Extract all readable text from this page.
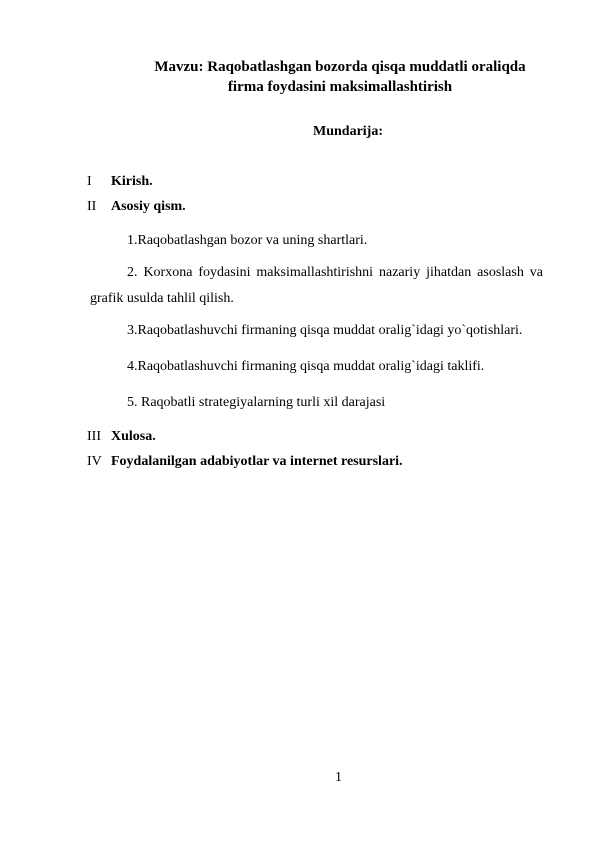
Mavzu: Raqobatlashgan bozorda qisqa muddatli oraliqda
firma foydasini maksimallashtirish
Mundarija:
I Kirish.
II Asosiy qism.
1.Raqobatlashgan bozor va uning shartlari.
2. Korxona foydasini maksimallashtirishni nazariy jihatdan asoslash va
grafik usulda tahlil qilish.
3.Raqobatlashuvchi firmaning qisqa muddat oralig`idagi yo`qotishlari.
4.Raqobatlashuvchi firmaning qisqa muddat oralig`idagi taklifi.
5. Raqobatli strategiyalarning turli xil darajasi
III Xulosa.
IV Foydalanilgan adabiyotlar va internet resurslari.
1
